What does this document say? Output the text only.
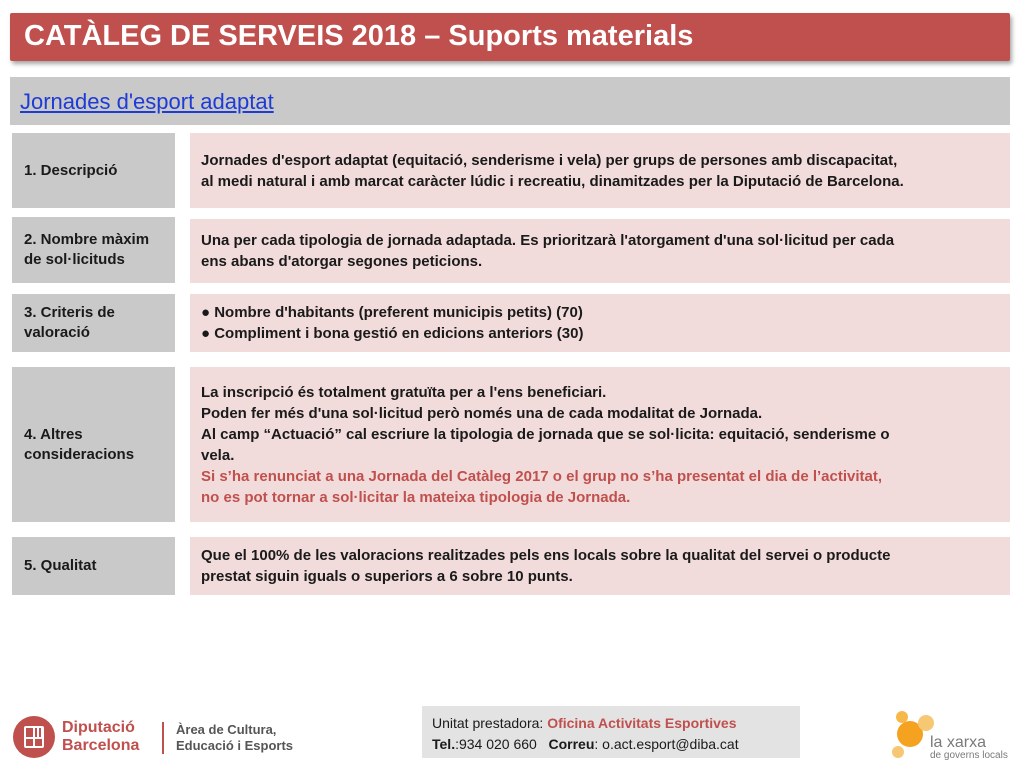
CATÀLEG DE SERVEIS 2018 – Suports materials
Jornades d'esport adaptat
1. Descripció
Jornades d'esport adaptat (equitació, senderisme i vela) per grups de persones amb discapacitat,
al medi natural i amb marcat caràcter lúdic i recreatiu, dinamitzades per la Diputació de Barcelona.
2. Nombre màxim de sol·licituds
Una per cada tipologia de jornada adaptada. Es prioritzarà l'atorgament d'una sol·licitud per cada
ens abans d'atorgar segones peticions.
3. Criteris de valoració
● Nombre d'habitants (preferent municipis petits) (70)
● Compliment i bona gestió en edicions anteriors (30)
4. Altres consideracions
La inscripció és totalment gratuïta per a l'ens beneficiari.
Poden fer més d'una sol·licitud però només una de cada modalitat de Jornada.
Al camp “Actuació” cal escriure la tipologia de jornada que se sol·licita: equitació, senderisme o
vela.
Si s’ha renunciat a una Jornada del Catàleg 2017 o el grup no s’ha presentat el dia de l’activitat,
no es pot tornar a sol·licitar la mateixa tipologia de Jornada.
5. Qualitat
Que el 100% de les valoracions realitzades pels ens locals sobre la qualitat del servei o producte
prestat siguin iguals o superiors a 6 sobre 10 punts.
Diputació
Barcelona
Àrea de Cultura,
Educació i Esports
Unitat prestadora: Oficina Activitats Esportives
Tel.:934 020 660 Correu: o.act.esport@diba.cat	la xarxa
de governs locals
